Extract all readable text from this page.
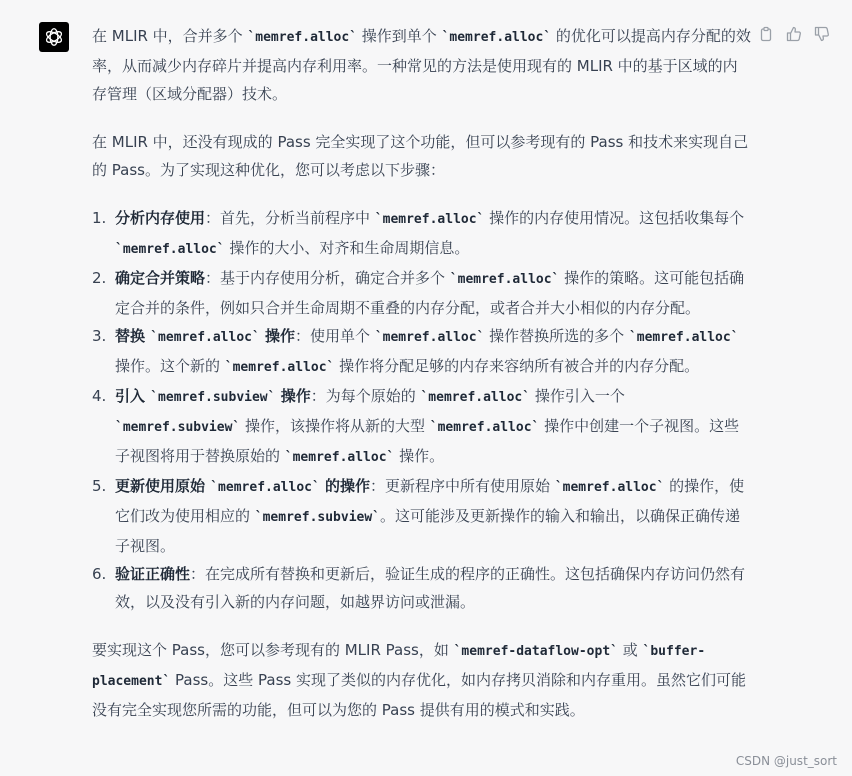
在 MLIR 中，合并多个 `memref.alloc` 操作到单个 `memref.alloc` 的优化可以提高内存分配的效率，从而减少内存碎片并提高内存利用率。一种常见的方法是使用现有的 MLIR 中的基于区域的内存管理（区域分配器）技术。

在 MLIR 中，还没有现成的 Pass 完全实现了这个功能，但可以参考现有的 Pass 和技术来实现自己的 Pass。为了实现这种优化，您可以考虑以下步骤：

1. 分析内存使用：首先，分析当前程序中 `memref.alloc` 操作的内存使用情况。这包括收集每个 `memref.alloc` 操作的大小、对齐和生命周期信息。
2. 确定合并策略：基于内存使用分析，确定合并多个 `memref.alloc` 操作的策略。这可能包括确定合并的条件，例如只合并生命周期不重叠的内存分配，或者合并大小相似的内存分配。
3. 替换 `memref.alloc` 操作：使用单个 `memref.alloc` 操作替换所选的多个 `memref.alloc` 操作。这个新的 `memref.alloc` 操作将分配足够的内存来容纳所有被合并的内存分配。
4. 引入 `memref.subview` 操作：为每个原始的 `memref.alloc` 操作引入一个 `memref.subview` 操作，该操作将从新的大型 `memref.alloc` 操作中创建一个子视图。这些子视图将用于替换原始的 `memref.alloc` 操作。
5. 更新使用原始 `memref.alloc` 的操作：更新程序中所有使用原始 `memref.alloc` 的操作，使它们改为使用相应的 `memref.subview`。这可能涉及更新操作的输入和输出，以确保正确传递子视图。
6. 验证正确性：在完成所有替换和更新后，验证生成的程序的正确性。这包括确保内存访问仍然有效，以及没有引入新的内存问题，如越界访问或泄漏。

要实现这个 Pass，您可以参考现有的 MLIR Pass，如 `memref-dataflow-opt` 或 `buffer-placement` Pass。这些 Pass 实现了类似的内存优化，如内存拷贝消除和内存重用。虽然它们可能没有完全实现您所需的功能，但可以为您的 Pass 提供有用的模式和实践。

CSDN @just_sort
